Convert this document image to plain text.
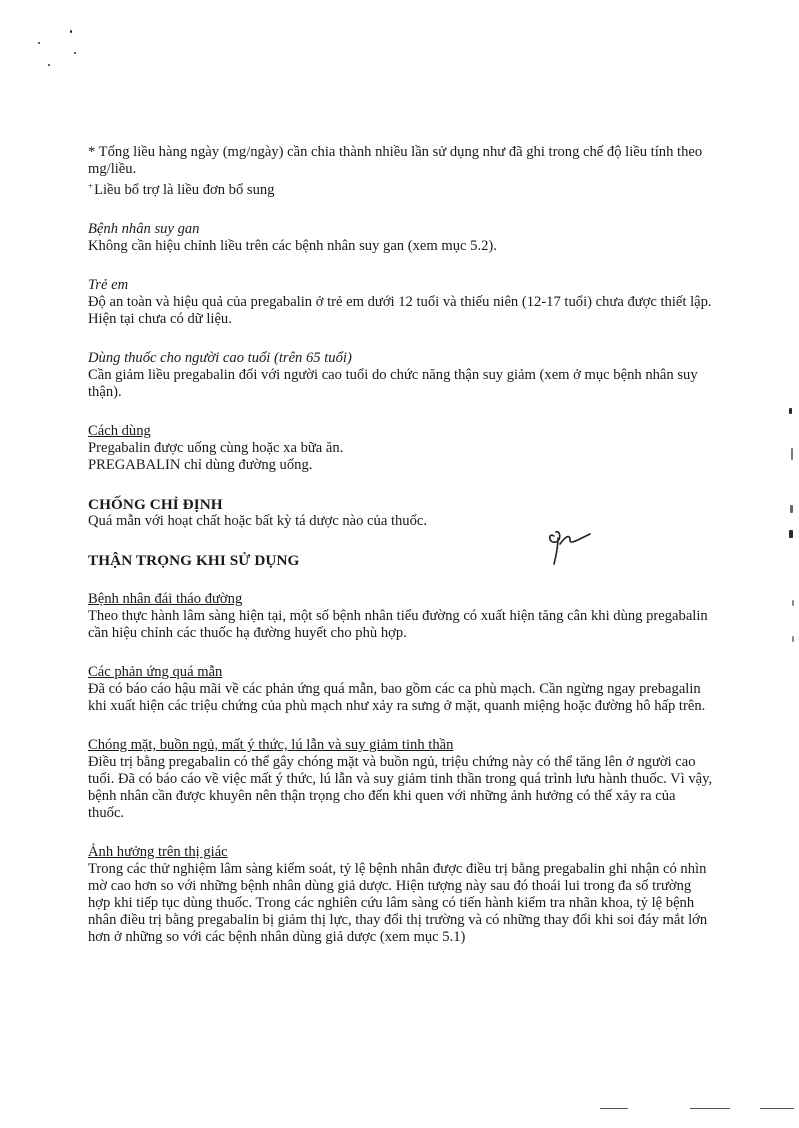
* Tổng liều hàng ngày (mg/ngày) cần chia thành nhiều lần sử dụng như đã ghi trong chế độ liều tính theo mg/liều.

+Liều bổ trợ là liều đơn bổ sung

Bệnh nhân suy gan

Không cần hiệu chỉnh liều trên các bệnh nhân suy gan (xem mục 5.2).

Trẻ em

Độ an toàn và hiệu quả của pregabalin ở trẻ em dưới 12 tuổi và thiếu niên (12-17 tuổi) chưa được thiết lập. Hiện tại chưa có dữ liệu.

Dùng thuốc cho người cao tuổi (trên 65 tuổi)

Cần giảm liều pregabalin đối với người cao tuổi do chức năng thận suy giảm (xem ở mục bệnh nhân suy thận).

Cách dùng

Pregabalin được uống cùng hoặc xa bữa ăn.

PREGABALIN chỉ dùng đường uống.

CHỐNG CHỈ ĐỊNH

Quá mẫn với hoạt chất hoặc bất kỳ tá dược nào của thuốc.

THẬN TRỌNG KHI SỬ DỤNG

Bệnh nhân đái tháo đường

Theo thực hành lâm sàng hiện tại, một số bệnh nhân tiểu đường có xuất hiện tăng cân khi dùng pregabalin cần hiệu chỉnh các thuốc hạ đường huyết cho phù hợp.

Các phản ứng quá mẫn

Đã có báo cáo hậu mãi về các phản ứng quá mẫn, bao gồm các ca phù mạch. Cần ngừng ngay prebagalin khi xuất hiện các triệu chứng của phù mạch như xảy ra sưng ở mặt, quanh miệng hoặc đường hô hấp trên.

Chóng mặt, buồn ngủ, mất ý thức, lú lẫn và suy giảm tinh thần

Điều trị bằng pregabalin có thể gây chóng mặt và buồn ngủ, triệu chứng này có thể tăng lên ở người cao tuổi. Đã có báo cáo về việc mất ý thức, lú lẫn và suy giảm tinh thần trong quá trình lưu hành thuốc. Vì vậy, bệnh nhân cần được khuyên nên thận trọng cho đến khi quen với những ảnh hưởng có thể xảy ra của thuốc.

Ảnh hưởng trên thị giác

Trong các thử nghiệm lâm sàng kiểm soát, tỷ lệ bệnh nhân được điều trị bằng pregabalin ghi nhận có nhìn mờ cao hơn so với những bệnh nhân dùng giả dược. Hiện tượng này sau đó thoái lui trong đa số trường hợp khi tiếp tục dùng thuốc. Trong các nghiên cứu lâm sàng có tiến hành kiểm tra nhãn khoa, tỷ lệ bệnh nhân điều trị bằng pregabalin bị giảm thị lực, thay đổi thị trường và có những thay đổi khi soi đáy mắt lớn hơn ở những so với các bệnh nhân dùng giả dược (xem mục 5.1)
